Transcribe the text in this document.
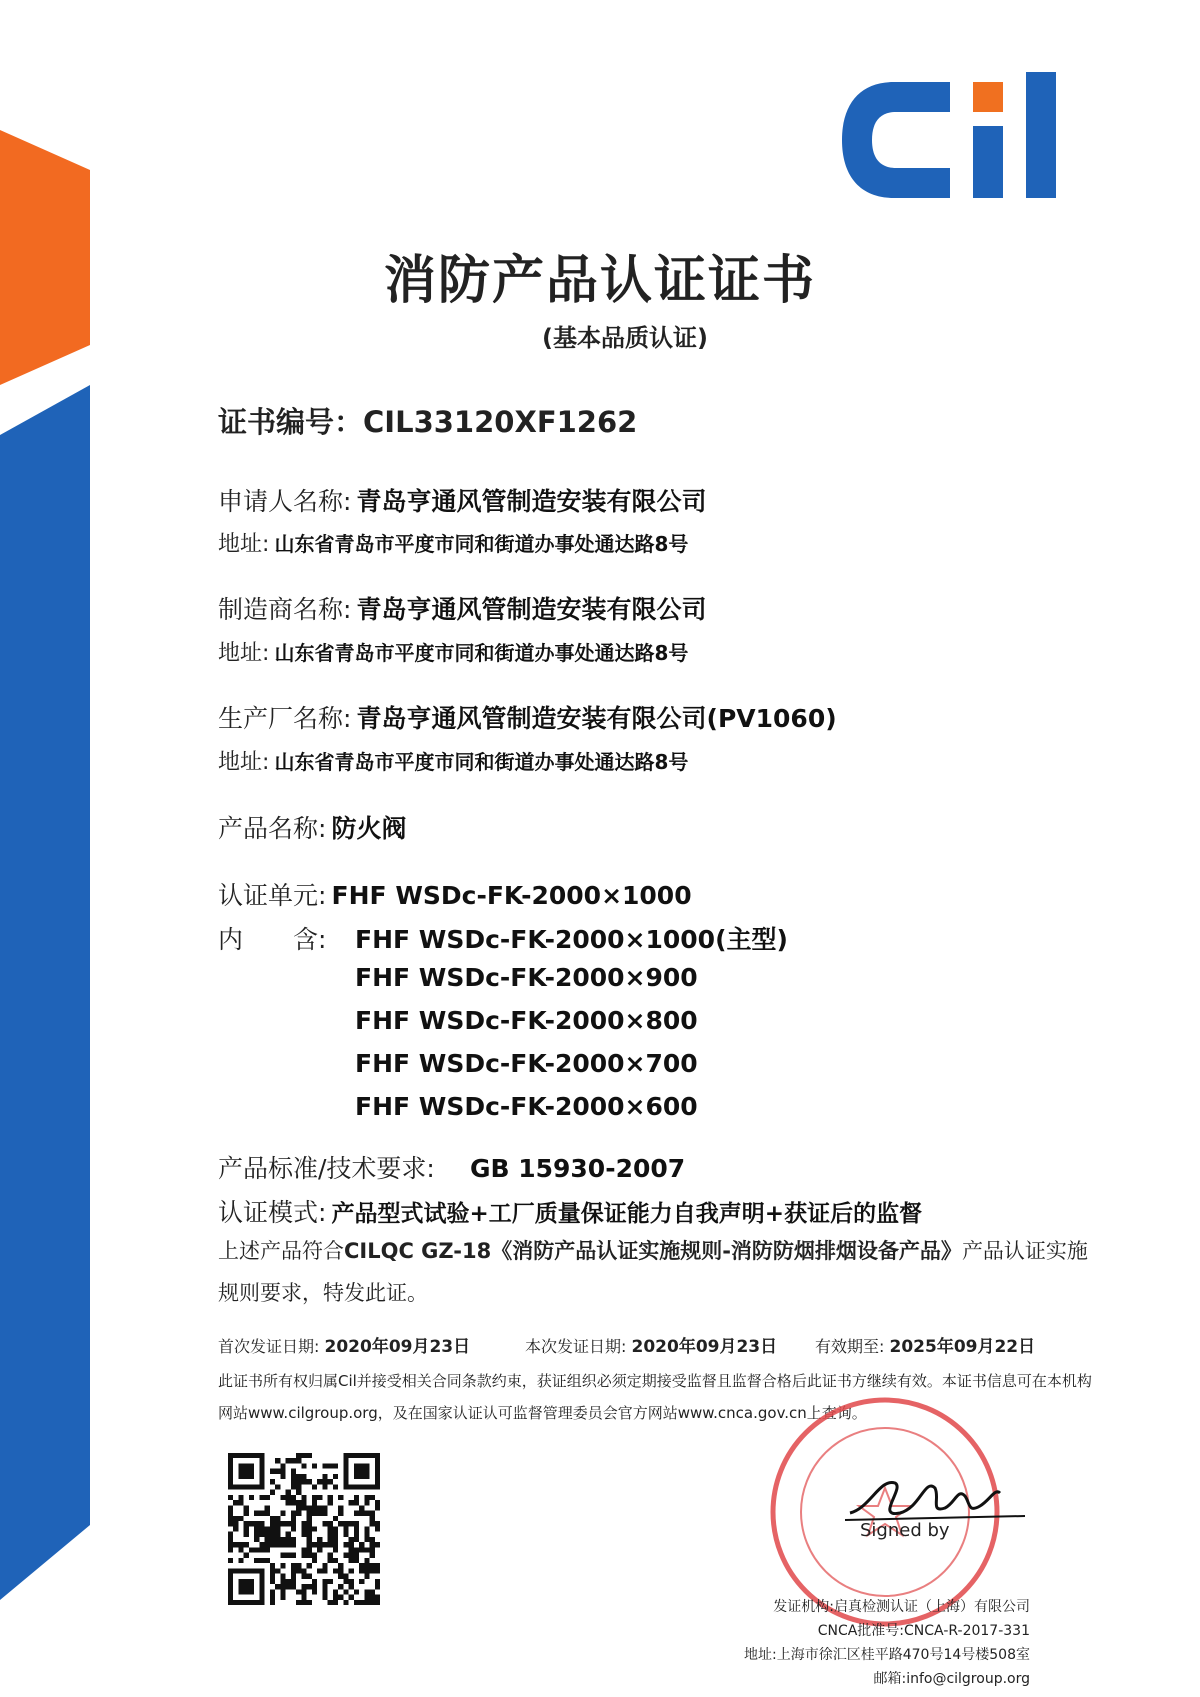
消防产品认证证书
(基本品质认证)
证书编号：CIL33120XF1262
申请人名称: 青岛亨通风管制造安装有限公司
地址: 山东省青岛市平度市同和街道办事处通达路8号
制造商名称: 青岛亨通风管制造安装有限公司
地址: 山东省青岛市平度市同和街道办事处通达路8号
生产厂名称: 青岛亨通风管制造安装有限公司(PV1060)
地址: 山东省青岛市平度市同和街道办事处通达路8号
产品名称: 防火阀
认证单元: FHF WSDc-FK-2000×1000
内　　含: FHF WSDc-FK-2000×1000(主型)
FHF WSDc-FK-2000×900
FHF WSDc-FK-2000×800
FHF WSDc-FK-2000×700
FHF WSDc-FK-2000×600
产品标准/技术要求: GB 15930-2007
认证模式: 产品型式试验+工厂质量保证能力自我声明+获证后的监督
上述产品符合CILQC GZ-18《消防产品认证实施规则-消防防烟排烟设备产品》产品认证实施规则要求，特发此证。
首次发证日期: 2020年09月23日	本次发证日期: 2020年09月23日 有效期至: 2025年09月22日
此证书所有权归属Cil并接受相关合同条款约束，获证组织必须定期接受监督且监督合格后此证书方继续有效。本证书信息可在本机构网站www.cilgroup.org，及在国家认证认可监督管理委员会官方网站www.cnca.gov.cn上查询。
Signed by
发证机构:启真检测认证（上海）有限公司
CNCA批准号:CNCA-R-2017-331
地址:上海市徐汇区桂平路470号14号楼508室
邮箱:info@cilgroup.org
